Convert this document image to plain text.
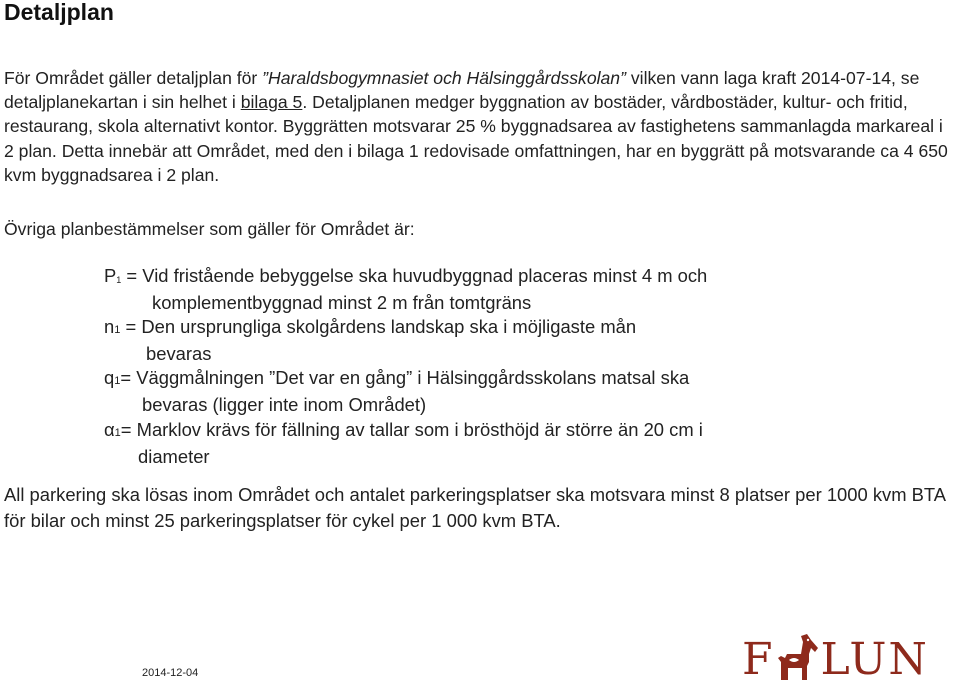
Detaljplan
För Området gäller detaljplan för ”Haraldsbogymnasiet och Hälsinggårdsskolan” vilken vann laga kraft 2014-07-14, se detaljplanekartan i sin helhet i bilaga 5. Detaljplanen medger byggnation av bostäder, vårdbostäder, kultur- och fritid, restaurang, skola alternativt kontor. Byggrätten motsvarar 25 % byggnadsarea av fastighetens sammanlagda markareal i 2 plan. Detta innebär att Området, med den i bilaga 1 redovisade omfattningen, har en byggrätt på motsvarande ca 4 650 kvm byggnadsarea i 2 plan.
Övriga planbestämmelser som gäller för Området är:
$P_1$ = Vid fristående bebyggelse ska huvudbyggnad placeras minst 4 m och
komplementbyggnad minst 2 m från tomtgräns
n1 = Den ursprungliga skolgårdens landskap ska i möjligaste mån
bevaras
q1= Väggmålningen ”Det var en gång” i Hälsinggårdsskolans matsal ska
bevaras (ligger inte inom Området)
α1= Marklov krävs för fällning av tallar som i brösthöjd är större än 20 cm i
diameter
All parkering ska lösas inom Området och antalet parkeringsplatser ska motsvara minst 8 platser per 1000 kvm BTA för bilar och minst 25 parkeringsplatser för cykel per 1 000 kvm BTA.
2014-12-04	F LUN
